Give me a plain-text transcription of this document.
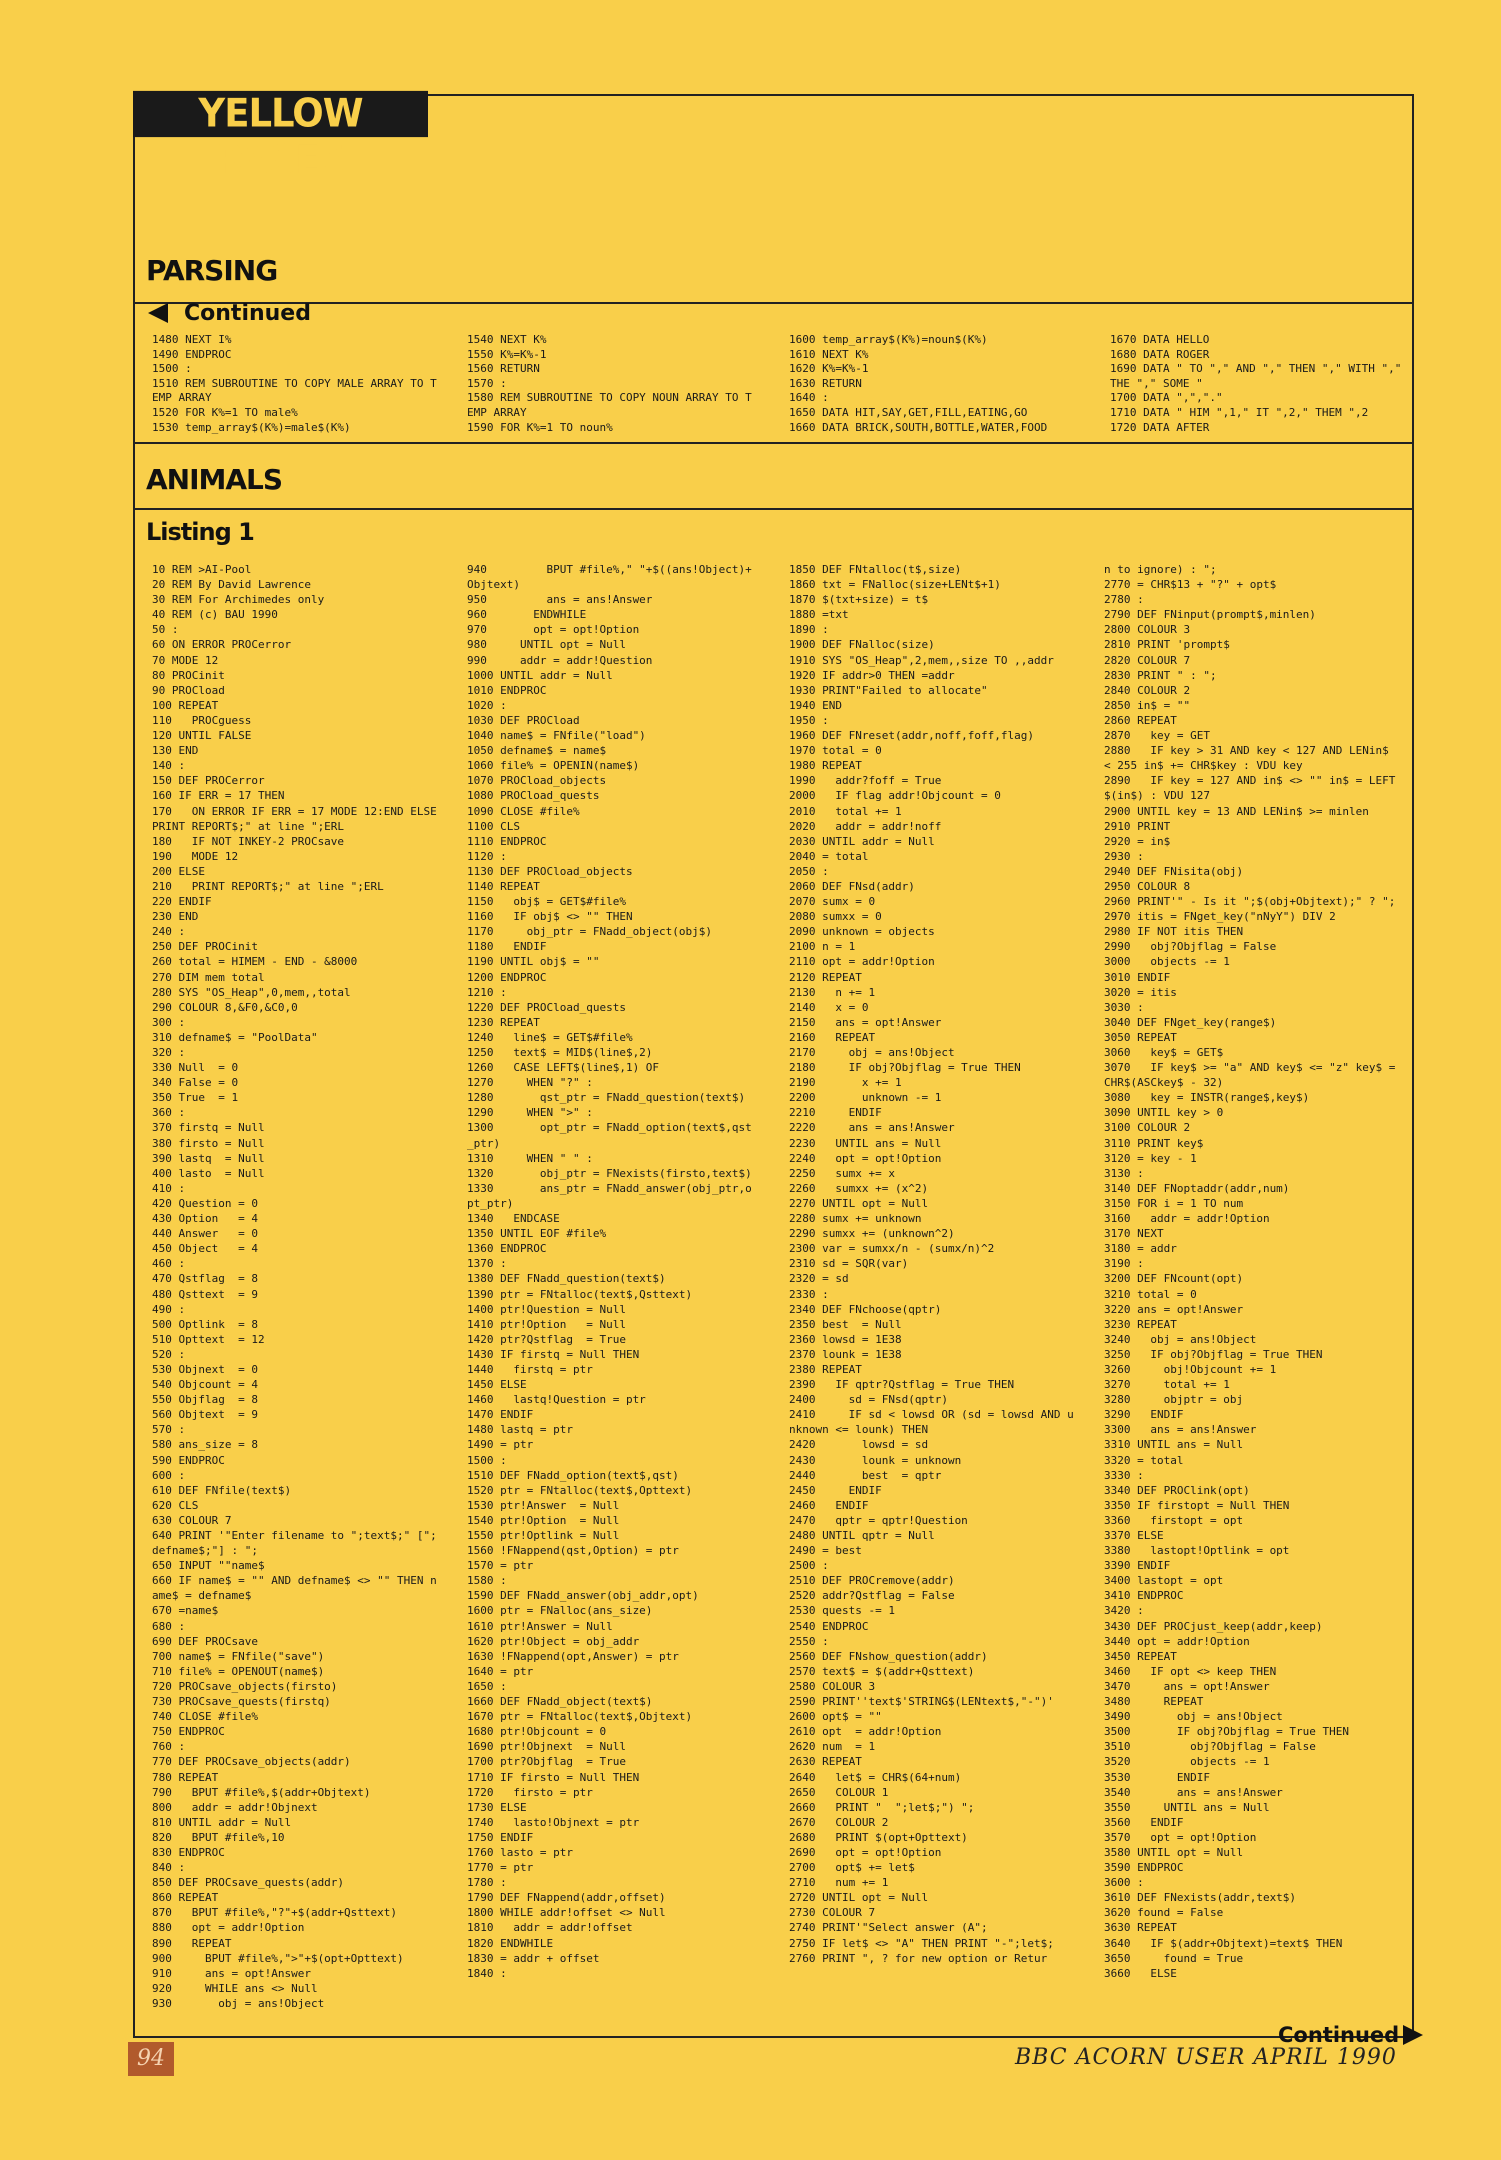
YELLOW PAGES
PARSING
Continued
1480 NEXT I%
1490 ENDPROC
1500 :
1510 REM SUBROUTINE TO COPY MALE ARRAY TO TEMP ARRAY
1520 FOR K%=1 TO male%
1530 temp_array$(K%)=male$(K%)
1540 NEXT K%
1550 K%=K%-1
1560 RETURN
1570 :
1580 REM SUBROUTINE TO COPY NOUN ARRAY TO TEMP ARRAY
1590 FOR K%=1 TO noun%
1600 temp_array$(K%)=noun$(K%)
1610 NEXT K%
1620 K%=K%-1
1630 RETURN
1640 :
1650 DATA HIT,SAY,GET,FILL,EATING,GO
1660 DATA BRICK,SOUTH,BOTTLE,WATER,FOOD
1670 DATA HELLO
1680 DATA ROGER
1690 DATA " TO "," AND "," THEN "," WITH "," THE "," SOME "
1700 DATA ",","."
1710 DATA " HIM ",1," IT ",2," THEM ",2
1720 DATA AFTER
ANIMALS
Listing 1
10 REM >AI-Pool
20 REM By David Lawrence
30 REM For Archimedes only
40 REM (c) BAU 1990
50 :
60 ON ERROR PROCerror
70 MODE 12
80 PROCinit
90 PROCload
100 REPEAT
110   PROCguess
120 UNTIL FALSE
130 END
140 :
150 DEF PROCerror
160 IF ERR = 17 THEN
170   ON ERROR IF ERR = 17 MODE 12:END ELSE PRINT REPORT$;" at line ";ERL
180   IF NOT INKEY-2 PROCsave
190   MODE 12
200 ELSE
210   PRINT REPORT$;" at line ";ERL
220 ENDIF
230 END
240 :
250 DEF PROCinit
260 total = HIMEM - END - &8000
270 DIM mem total
280 SYS "OS_Heap",0,mem,,total
290 COLOUR 8,&F0,&C0,0
300 :
310 defname$ = "PoolData"
320 :
330 Null  = 0
340 False = 0
350 True  = 1
360 :
370 firstq = Null
380 firsto = Null
390 lastq  = Null
400 lasto  = Null
410 :
420 Question = 0
430 Option   = 4
440 Answer   = 0
450 Object   = 4
460 :
470 Qstflag  = 8
480 Qsttext  = 9
490 :
500 Optlink  = 8
510 Opttext  = 12
520 :
530 Objnext  = 0
540 Objcount = 4
550 Objflag  = 8
560 Objtext  = 9
570 :
580 ans_size = 8
590 ENDPROC
600 :
610 DEF FNfile(text$)
620 CLS
630 COLOUR 7
640 PRINT '"Enter filename to ";text$;" [";defname$;"] : ";
650 INPUT ""name$
660 IF name$ = "" AND defname$ <> "" THEN name$ = defname$
670 =name$
680 :
690 DEF PROCsave
700 name$ = FNfile("save")
710 file% = OPENOUT(name$)
720 PROCsave_objects(firsto)
730 PROCsave_quests(firstq)
740 CLOSE #file%
750 ENDPROC
760 :
770 DEF PROCsave_objects(addr)
780 REPEAT
790   BPUT #file%,$(addr+Objtext)
800   addr = addr!Objnext
810 UNTIL addr = Null
820   BPUT #file%,10
830 ENDPROC
840 :
850 DEF PROCsave_quests(addr)
860 REPEAT
870   BPUT #file%,"?"+$(addr+Qsttext)
880   opt = addr!Option
890   REPEAT
900     BPUT #file%,">"+$(opt+Opttext)
910     ans = opt!Answer
920     WHILE ans <> Null
930       obj = ans!Object
940         BPUT #file%," "+$((ans!Object)+Objtext)
950         ans = ans!Answer
960       ENDWHILE
970       opt = opt!Option
980     UNTIL opt = Null
990     addr = addr!Question
1000 UNTIL addr = Null
1010 ENDPROC
1020 :
1030 DEF PROCload
1040 name$ = FNfile("load")
1050 defname$ = name$
1060 file% = OPENIN(name$)
1070 PROCload_objects
1080 PROCload_quests
1090 CLOSE #file%
1100 CLS
1110 ENDPROC
1120 :
1130 DEF PROCload_objects
1140 REPEAT
1150   obj$ = GET$#file%
1160   IF obj$ <> "" THEN
1170     obj_ptr = FNadd_object(obj$)
1180   ENDIF
1190 UNTIL obj$ = ""
1200 ENDPROC
1210 :
1220 DEF PROCload_quests
1230 REPEAT
1240   line$ = GET$#file%
1250   text$ = MID$(line$,2)
1260   CASE LEFT$(line$,1) OF
1270     WHEN "?" :
1280       qst_ptr = FNadd_question(text$)
1290     WHEN ">" :
1300       opt_ptr = FNadd_option(text$,qst_ptr)
1310     WHEN " " :
1320       obj_ptr = FNexists(firsto,text$)
1330       ans_ptr = FNadd_answer(obj_ptr,opt_ptr)
1340   ENDCASE
1350 UNTIL EOF #file%
1360 ENDPROC
1370 :
1380 DEF FNadd_question(text$)
1390 ptr = FNtalloc(text$,Qsttext)
1400 ptr!Question = Null
1410 ptr!Option   = Null
1420 ptr?Qstflag  = True
1430 IF firstq = Null THEN
1440   firstq = ptr
1450 ELSE
1460   lastq!Question = ptr
1470 ENDIF
1480 lastq = ptr
1490 = ptr
1500 :
1510 DEF FNadd_option(text$,qst)
1520 ptr = FNtalloc(text$,Opttext)
1530 ptr!Answer  = Null
1540 ptr!Option  = Null
1550 ptr!Optlink = Null
1560 !FNappend(qst,Option) = ptr
1570 = ptr
1580 :
1590 DEF FNadd_answer(obj_addr,opt)
1600 ptr = FNalloc(ans_size)
1610 ptr!Answer = Null
1620 ptr!Object = obj_addr
1630 !FNappend(opt,Answer) = ptr
1640 = ptr
1650 :
1660 DEF FNadd_object(text$)
1670 ptr = FNtalloc(text$,Objtext)
1680 ptr!Objcount = 0
1690 ptr!Objnext  = Null
1700 ptr?Objflag  = True
1710 IF firsto = Null THEN
1720   firsto = ptr
1730 ELSE
1740   lasto!Objnext = ptr
1750 ENDIF
1760 lasto = ptr
1770 = ptr
1780 :
1790 DEF FNappend(addr,offset)
1800 WHILE addr!offset <> Null
1810   addr = addr!offset
1820 ENDWHILE
1830 = addr + offset
1840 :
1850 DEF FNtalloc(t$,size)
1860 txt = FNalloc(size+LENt$+1)
1870 $(txt+size) = t$
1880 =txt
1890 :
1900 DEF FNalloc(size)
1910 SYS "OS_Heap",2,mem,,size TO ,,addr
1920 IF addr>0 THEN =addr
1930 PRINT"Failed to allocate"
1940 END
1950 :
1960 DEF FNreset(addr,noff,foff,flag)
1970 total = 0
1980 REPEAT
1990   addr?foff = True
2000   IF flag addr!Objcount = 0
2010   total += 1
2020   addr = addr!noff
2030 UNTIL addr = Null
2040 = total
2050 :
2060 DEF FNsd(addr)
2070 sumx = 0
2080 sumxx = 0
2090 unknown = objects
2100 n = 1
2110 opt = addr!Option
2120 REPEAT
2130   n += 1
2140   x = 0
2150   ans = opt!Answer
2160   REPEAT
2170     obj = ans!Object
2180     IF obj?Objflag = True THEN
2190       x += 1
2200       unknown -= 1
2210     ENDIF
2220     ans = ans!Answer
2230   UNTIL ans = Null
2240   opt = opt!Option
2250   sumx += x
2260   sumxx += (x^2)
2270 UNTIL opt = Null
2280 sumx += unknown
2290 sumxx += (unknown^2)
2300 var = sumxx/n - (sumx/n)^2
2310 sd = SQR(var)
2320 = sd
2330 :
2340 DEF FNchoose(qptr)
2350 best  = Null
2360 lowsd = 1E38
2370 lounk = 1E38
2380 REPEAT
2390   IF qptr?Qstflag = True THEN
2400     sd = FNsd(qptr)
2410     IF sd < lowsd OR (sd = lowsd AND unknown <= lounk) THEN
2420       lowsd = sd
2430       lounk = unknown
2440       best  = qptr
2450     ENDIF
2460   ENDIF
2470   qptr = qptr!Question
2480 UNTIL qptr = Null
2490 = best
2500 :
2510 DEF PROCremove(addr)
2520 addr?Qstflag = False
2530 quests -= 1
2540 ENDPROC
2550 :
2560 DEF FNshow_question(addr)
2570 text$ = $(addr+Qsttext)
2580 COLOUR 3
2590 PRINT''text$'STRING$(LENtext$,"-")'
2600 opt$ = ""
2610 opt  = addr!Option
2620 num  = 1
2630 REPEAT
2640   let$ = CHR$(64+num)
2650   COLOUR 1
2660   PRINT "  ";let$;") ";
2670   COLOUR 2
2680   PRINT $(opt+Opttext)
2690   opt = opt!Option
2700   opt$ += let$
2710   num += 1
2720 UNTIL opt = Null
2730 COLOUR 7
2740 PRINT'"Select answer (A";
2750 IF let$ <> "A" THEN PRINT "-";let$;
2760 PRINT ", ? for new option or Retur
n to ignore) : ";
2770 = CHR$13 + "?" + opt$
2780 :
2790 DEF FNinput(prompt$,minlen)
2800 COLOUR 3
2810 PRINT 'prompt$
2820 COLOUR 7
2830 PRINT " : ";
2840 COLOUR 2
2850 in$ = ""
2860 REPEAT
2870   key = GET
2880   IF key > 31 AND key < 127 AND LENin$ < 255 in$ += CHR$key : VDU key
2890   IF key = 127 AND in$ <> "" in$ = LEFT$(in$) : VDU 127
2900 UNTIL key = 13 AND LENin$ >= minlen
2910 PRINT
2920 = in$
2930 :
2940 DEF FNisita(obj)
2950 COLOUR 8
2960 PRINT'" - Is it ";$(obj+Objtext);" ? ";
2970 itis = FNget_key("nNyY") DIV 2
2980 IF NOT itis THEN
2990   obj?Objflag = False
3000   objects -= 1
3010 ENDIF
3020 = itis
3030 :
3040 DEF FNget_key(range$)
3050 REPEAT
3060   key$ = GET$
3070   IF key$ >= "a" AND key$ <= "z" key$ = CHR$(ASCkey$ - 32)
3080   key = INSTR(range$,key$)
3090 UNTIL key > 0
3100 COLOUR 2
3110 PRINT key$
3120 = key - 1
3130 :
3140 DEF FNoptaddr(addr,num)
3150 FOR i = 1 TO num
3160   addr = addr!Option
3170 NEXT
3180 = addr
3190 :
3200 DEF FNcount(opt)
3210 total = 0
3220 ans = opt!Answer
3230 REPEAT
3240   obj = ans!Object
3250   IF obj?Objflag = True THEN
3260     obj!Objcount += 1
3270     total += 1
3280     objptr = obj
3290   ENDIF
3300   ans = ans!Answer
3310 UNTIL ans = Null
3320 = total
3330 :
3340 DEF PROClink(opt)
3350 IF firstopt = Null THEN
3360   firstopt = opt
3370 ELSE
3380   lastopt!Optlink = opt
3390 ENDIF
3400 lastopt = opt
3410 ENDPROC
3420 :
3430 DEF PROCjust_keep(addr,keep)
3440 opt = addr!Option
3450 REPEAT
3460   IF opt <> keep THEN
3470     ans = opt!Answer
3480     REPEAT
3490       obj = ans!Object
3500       IF obj?Objflag = True THEN
3510         obj?Objflag = False
3520         objects -= 1
3530       ENDIF
3540       ans = ans!Answer
3550     UNTIL ans = Null
3560   ENDIF
3570   opt = opt!Option
3580 UNTIL opt = Null
3590 ENDPROC
3600 :
3610 DEF FNexists(addr,text$)
3620 found = False
3630 REPEAT
3640   IF $(addr+Objtext)=text$ THEN
3650     found = True
3660   ELSE
Continued
94	BBC ACORN USER APRIL 1990
